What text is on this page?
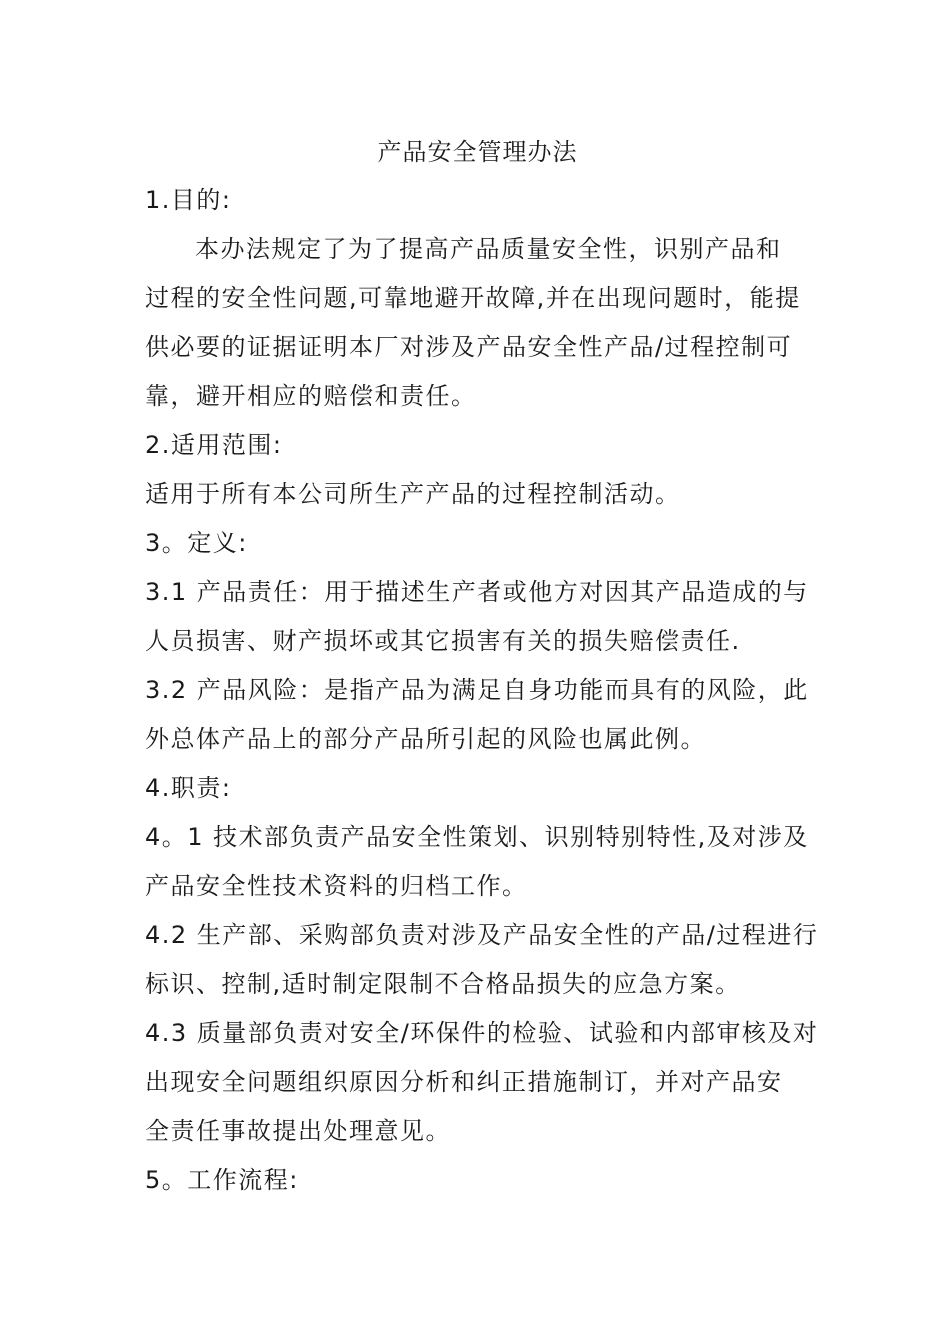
产品安全管理办法

1.目的:

本办法规定了为了提高产品质量安全性，识别产品和

过程的安全性问题,可靠地避开故障,并在出现问题时，能提

供必要的证据证明本厂对涉及产品安全性产品/过程控制可

靠，避开相应的赔偿和责任。

2.适用范围:

适用于所有本公司所生产产品的过程控制活动。

3。定义:

3.1 产品责任：用于描述生产者或他方对因其产品造成的与

人员损害、财产损坏或其它损害有关的损失赔偿责任.

3.2 产品风险：是指产品为满足自身功能而具有的风险，此

外总体产品上的部分产品所引起的风险也属此例。

4.职责:

4。1 技术部负责产品安全性策划、识别特别特性,及对涉及

产品安全性技术资料的归档工作。

4.2 生产部、采购部负责对涉及产品安全性的产品/过程进行

标识、控制,适时制定限制不合格品损失的应急方案。

4.3 质量部负责对安全/环保件的检验、试验和内部审核及对

出现安全问题组织原因分析和纠正措施制订，并对产品安

全责任事故提出处理意见。

5。工作流程:
